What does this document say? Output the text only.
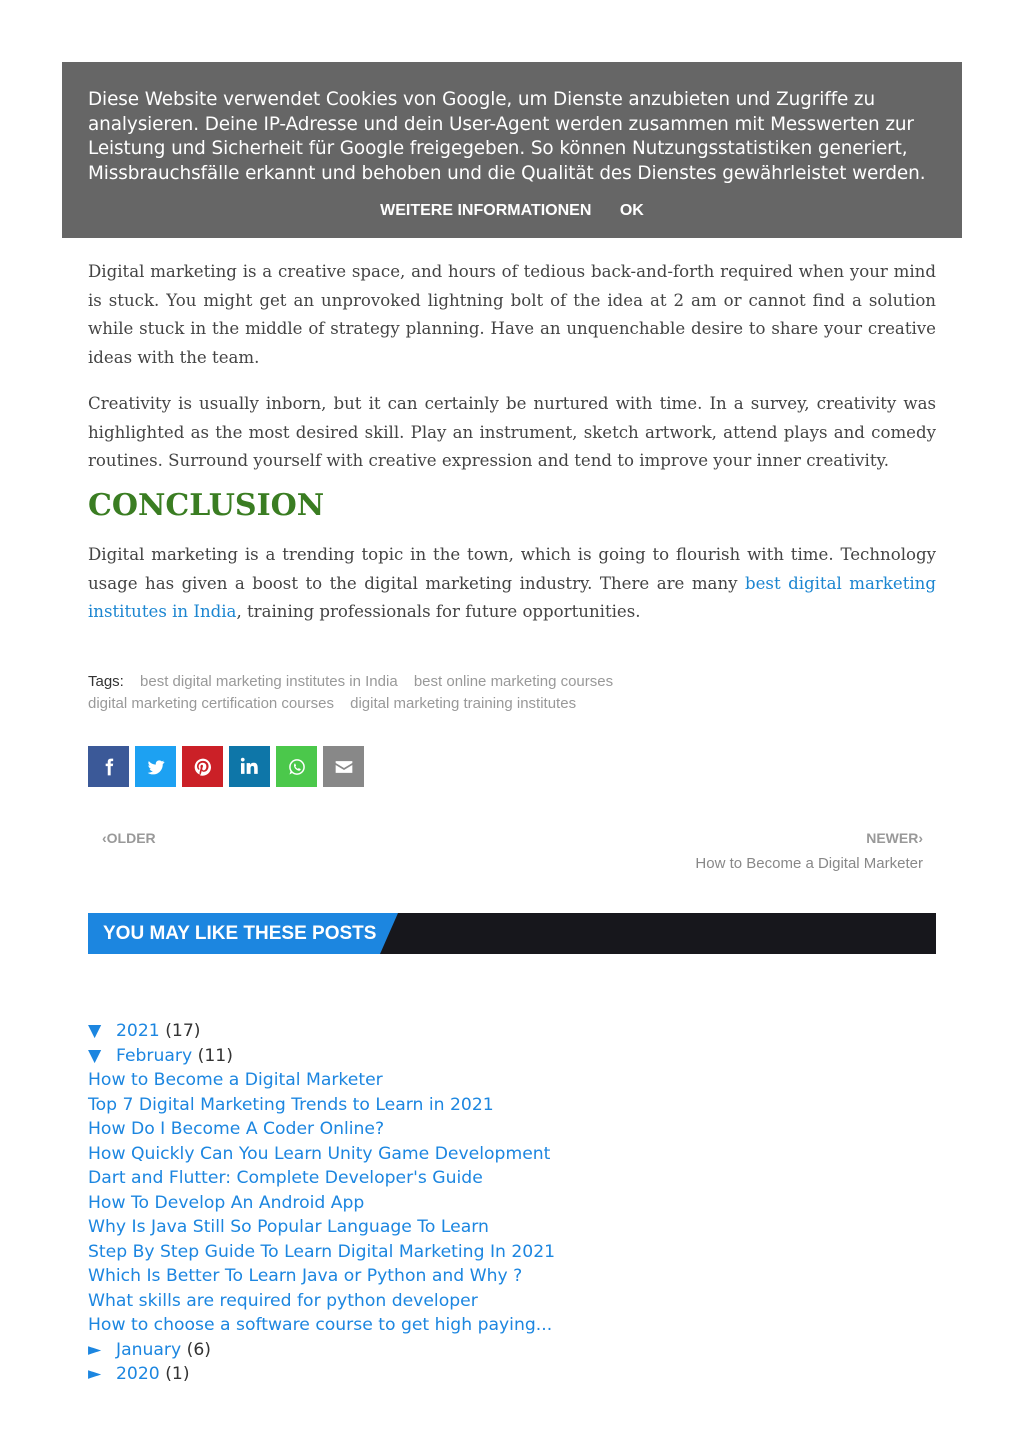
Diese Website verwendet Cookies von Google, um Dienste anzubieten und Zugriffe zu analysieren. Deine IP-Adresse und dein User-Agent werden zusammen mit Messwerten zur Leistung und Sicherheit für Google freigegeben. So können Nutzungsstatistiken generiert, Missbrauchsfälle erkannt und behoben und die Qualität des Dienstes gewährleistet werden.
WEITERE INFORMATIONEN OK

Digital marketing is a creative space, and hours of tedious back-and-forth required when your mind is stuck. You might get an unprovoked lightning bolt of the idea at 2 am or cannot find a solution while stuck in the middle of strategy planning. Have an unquenchable desire to share your creative ideas with the team.

Creativity is usually inborn, but it can certainly be nurtured with time. In a survey, creativity was highlighted as the most desired skill. Play an instrument, sketch artwork, attend plays and comedy routines. Surround yourself with creative expression and tend to improve your inner creativity.

CONCLUSION

Digital marketing is a trending topic in the town, which is going to flourish with time. Technology usage has given a boost to the digital marketing industry. There are many best digital marketing institutes in India, training professionals for future opportunities.

Tags: best digital marketing institutes in India best online marketing courses
digital marketing certification courses digital marketing training institutes
‹OLDER	NEWER›
How to Become a Digital Marketer
YOU MAY LIKE THESE POSTS
▼ 2021 (17)
▼ February (11)
How to Become a Digital Marketer
Top 7 Digital Marketing Trends to Learn in 2021
How Do I Become A Coder Online?
How Quickly Can You Learn Unity Game Development
Dart and Flutter: Complete Developer's Guide
How To Develop An Android App
Why Is Java Still So Popular Language To Learn
Step By Step Guide To Learn Digital Marketing In 2021
Which Is Better To Learn Java or Python and Why ?
What skills are required for python developer
How to choose a software course to get high paying...
► January (6)
► 2020 (1)
